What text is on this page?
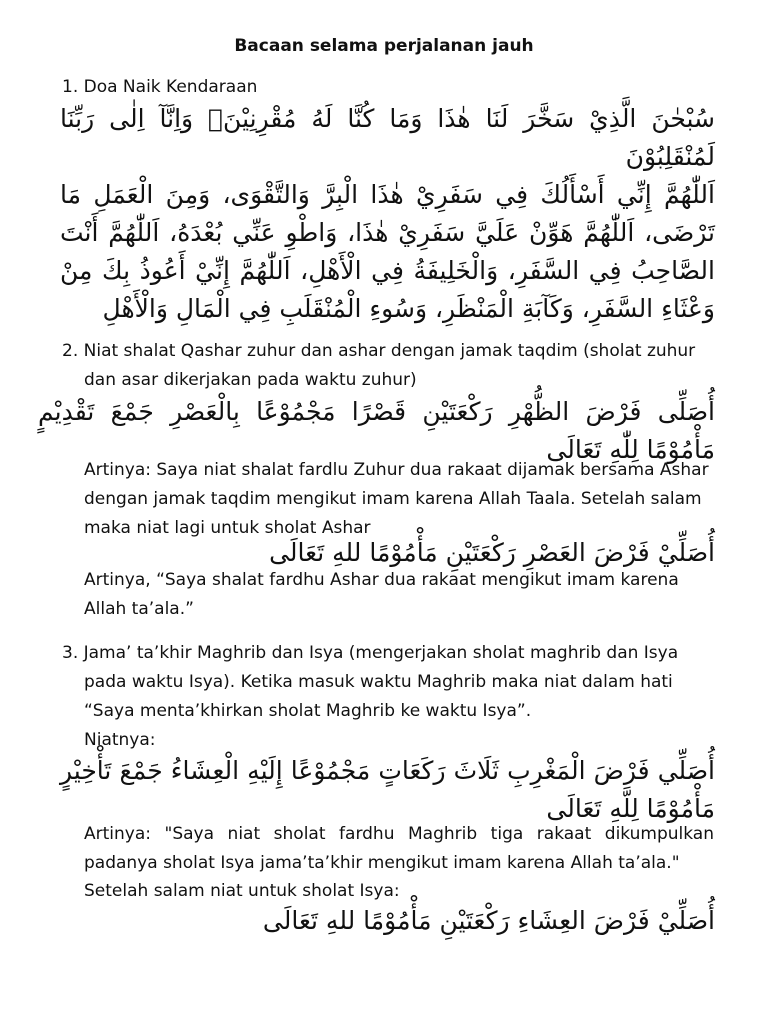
Bacaan selama perjalanan jauh
1. Doa Naik Kendaraan
سُبْحٰنَ الَّذِيْ سَخَّرَ لَنَا هٰذَا وَمَا كُنَّا لَهُ مُقْرِنِيْنَۙ وَاِنَّآ اِلٰى رَبِّنَا لَمُنْقَلِبُوْنَ
اَللّٰهُمَّ إِنِّي أَسْأَلُكَ فِي سَفَرِيْ هٰذَا الْبِرَّ وَالتَّقْوَى، وَمِنَ الْعَمَلِ مَا تَرْضَى، اَللّٰهُمَّ هَوِّنْ عَلَيَّ سَفَرِيْ هٰذَا، وَاطْوِ عَنِّي بُعْدَهُ، اَللّٰهُمَّ أَنْتَ الصَّاحِبُ فِي السَّفَرِ، وَالْخَلِيفَةُ فِي الْأَهْلِ، اَللّٰهُمَّ إِنِّيْ أَعُوذُ بِكَ مِنْ وَعْثَاءِ السَّفَرِ، وَكَآبَةِ الْمَنْظَرِ، وَسُوءِ الْمُنْقَلَبِ فِي الْمَالِ وَالْأَهْلِ
2. Niat shalat Qashar zuhur dan ashar dengan jamak taqdim (sholat zuhur dan asar dikerjakan pada waktu zuhur)
أُصَلِّى فَرْضَ الظُّهْرِ رَكْعَتَيْنِ قَصْرًا مَجْمُوْعًا بِالْعَصْرِ جَمْعَ تَقْدِيْمٍ مَأْمُوْمًا لِلّٰهِ تَعَالَى
Artinya: Saya niat shalat fardlu Zuhur dua rakaat dijamak bersama Ashar dengan jamak taqdim mengikut imam karena Allah Taala. Setelah salam maka niat lagi untuk sholat Ashar
أُصَلِّيْ فَرْضَ العَصْرِ رَكْعَتَيْنِ مَأْمُوْمًا للهِ تَعَالَى
Artinya, “Saya shalat fardhu Ashar dua rakaat mengikut imam karena Allah ta’ala.”
3. Jama’ ta’khir Maghrib dan Isya (mengerjakan sholat maghrib dan Isya pada waktu Isya). Ketika masuk waktu Maghrib maka niat dalam hati “Saya menta’khirkan sholat Maghrib ke waktu Isya”.
Niatnya:
أُصَلِّي فَرْضَ الْمَغْرِبِ ثَلَاثَ رَكَعَاتٍ مَجْمُوْعًا إِلَيْهِ الْعِشَاءُ جَمْعَ تَأْخِيْرٍ مَأْمُوْمًا لِلَّهِ تَعَالَى
Artinya: "Saya niat sholat fardhu Maghrib tiga rakaat dikumpulkan padanya sholat Isya jama’ta’khir mengikut imam karena Allah ta’ala."
Setelah salam niat untuk sholat Isya:
أُصَلِّيْ فَرْضَ العِشَاءِ رَكْعَتَيْنِ مَأْمُوْمًا للهِ تَعَالَى
